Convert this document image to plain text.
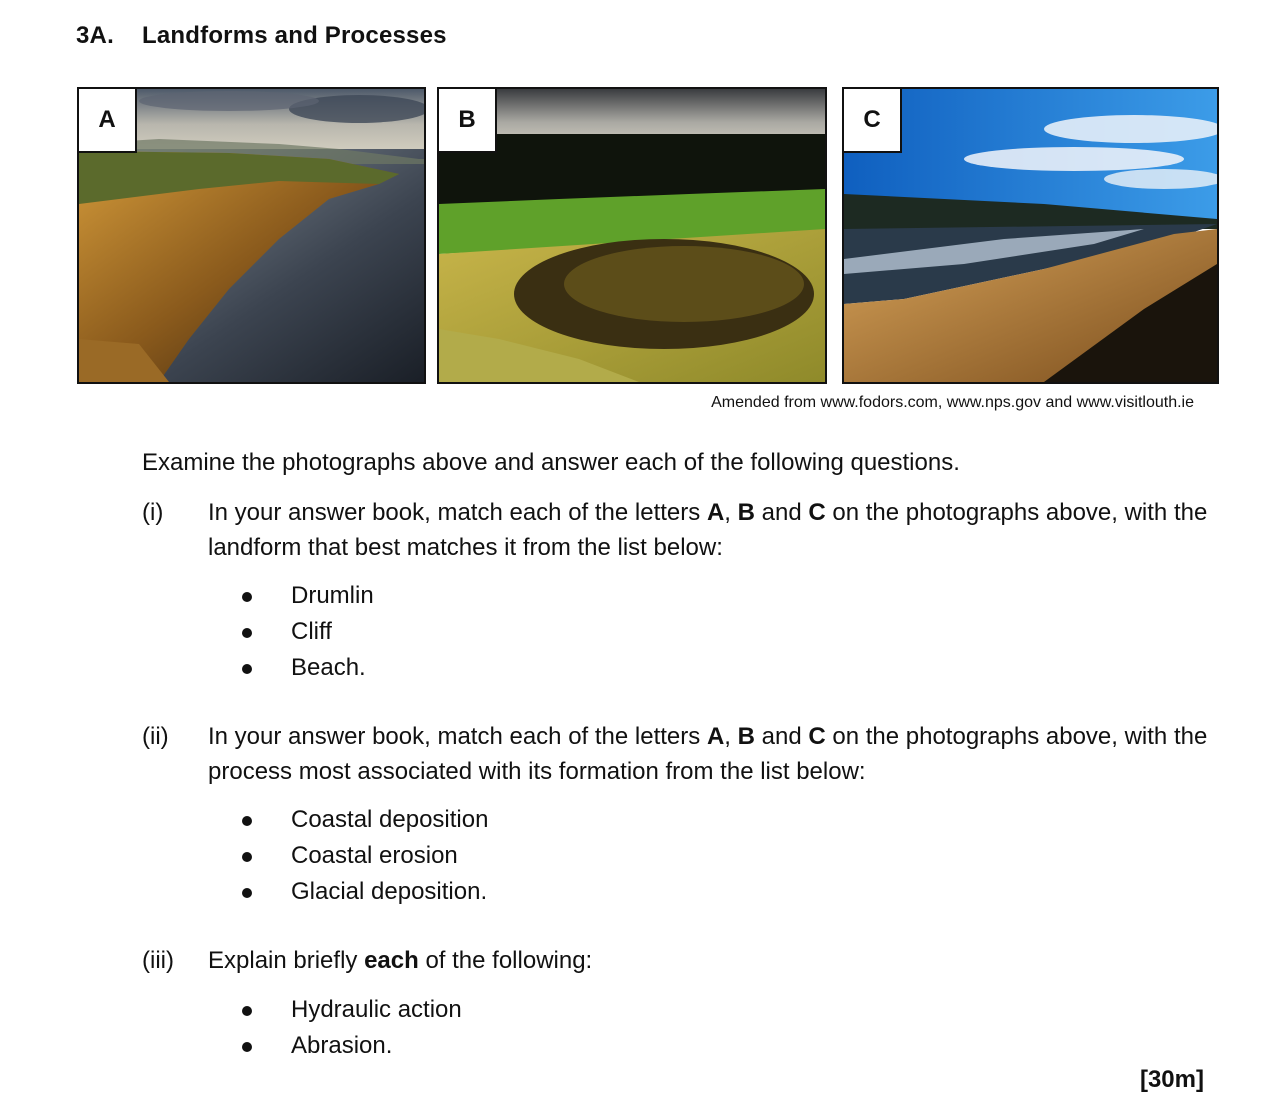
3A. Landforms and Processes
A	B	C
Amended from www.fodors.com, www.nps.gov and www.visitlouth.ie
Examine the photographs above and answer each of the following questions.
(i) In your answer book, match each of the letters A, B and C on the photographs above, with the landform that best matches it from the list below:
Drumlin
Cliff
Beach.
(ii) In your answer book, match each of the letters A, B and C on the photographs above, with the process most associated with its formation from the list below:
Coastal deposition
Coastal erosion
Glacial deposition.
(iii) Explain briefly each of the following:
Hydraulic action
Abrasion.
[30m]
